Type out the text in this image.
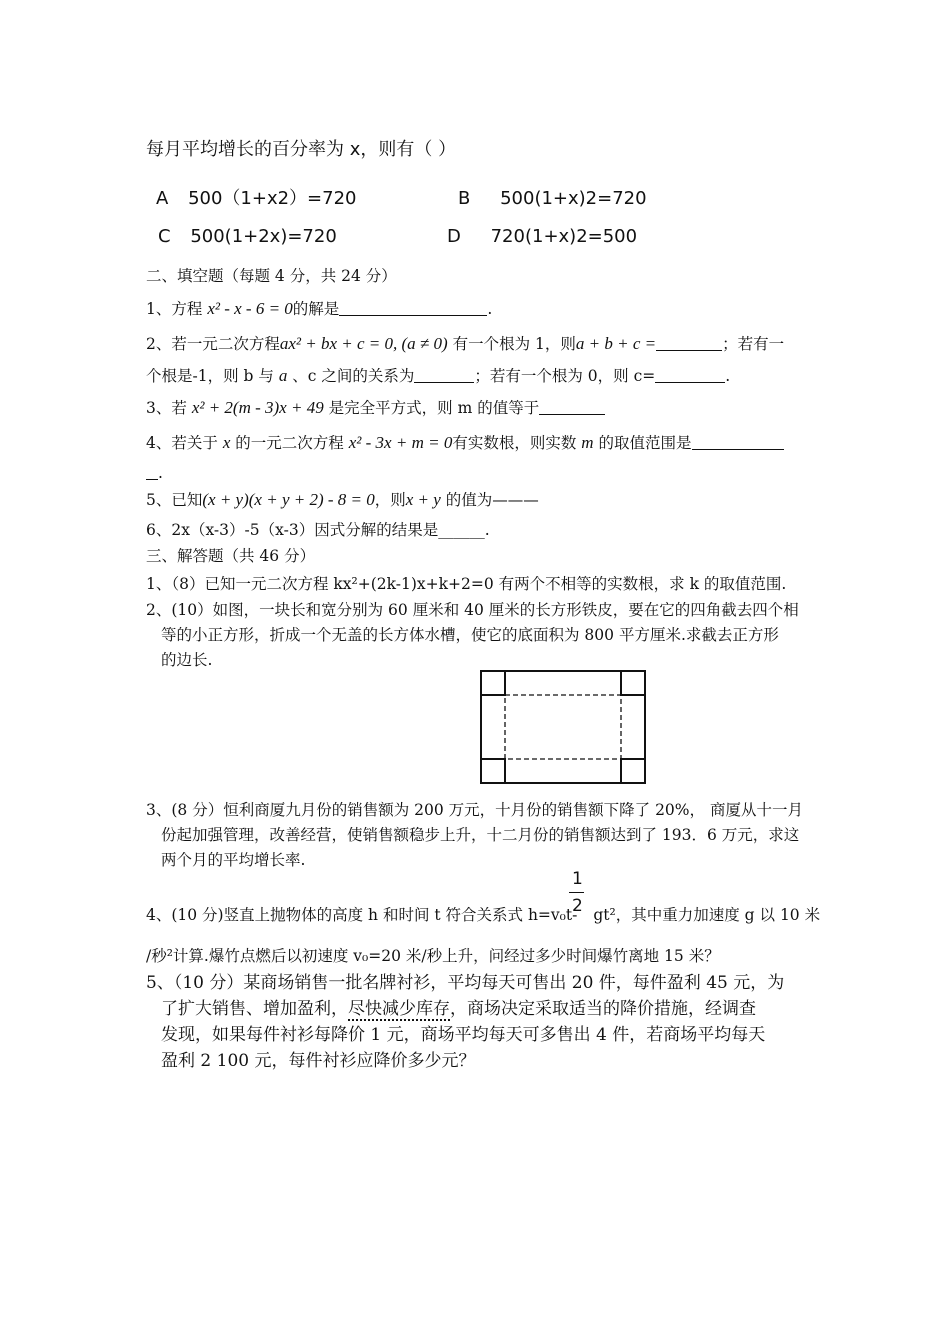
每月平均增长的百分率为 x，则有（ ）
A 500（1+x2）=720	B 500(1+x)2=720
C 500(1+2x)=720	D 720(1+x)2=500
二、填空题（每题 4 分，共 24 分）
1、方程 x² - x - 6 = 0的解是	.
2、若一元二次方程ax² + bx + c = 0, (a ≠ 0) 有一个根为 1，则a + b + c =	；若有一
个根是-1，则 b 与 a 、c 之间的关系为	；若有一个根为 0，则 c=	.
3、若 x² + 2(m - 3)x + 49 是完全平方式，则 m 的值等于
4、若关于 x 的一元二次方程 x² - 3x + m = 0有实数根，则实数 m 的取值范围是
.
5、已知(x + y)(x + y + 2) - 8 = 0，则x + y 的值为———
6、2x（x-3）-5（x-3）因式分解的结果是______.
三、解答题（共 46 分）
1、（8）已知一元二次方程 kx²+(2k-1)x+k+2=0 有两个不相等的实数根，求 k 的取值范围.
2、(10）如图，一块长和宽分别为 60 厘米和 40 厘米的长方形铁皮，要在它的四角截去四个相
等的小正方形，折成一个无盖的长方体水槽，使它的底面积为 800 平方厘米.求截去正方形
的边长.
3、(8 分）恒利商厦九月份的销售额为 200 万元，十月份的销售额下降了 20%， 商厦从十一月
份起加强管理，改善经营，使销售额稳步上升，十二月份的销售额达到了 193．6 万元，求这
两个月的平均增长率.
4、(10 分)竖直上抛物体的高度 h 和时间 t 符合关系式 h=v₀t- gt²，其中重力加速度 g 以 10 米
1
2
/秒²计算.爆竹点燃后以初速度 v₀=20 米/秒上升，问经过多少时间爆竹离地 15 米？
5、（10 分）某商场销售一批名牌衬衫，平均每天可售出 20 件，每件盈利 45 元，为
了扩大销售、增加盈利，尽快减少库存，商场决定采取适当的降价措施，经调查
发现，如果每件衬衫每降价 1 元，商场平均每天可多售出 4 件，若商场平均每天
盈利 2 100 元，每件衬衫应降价多少元？
